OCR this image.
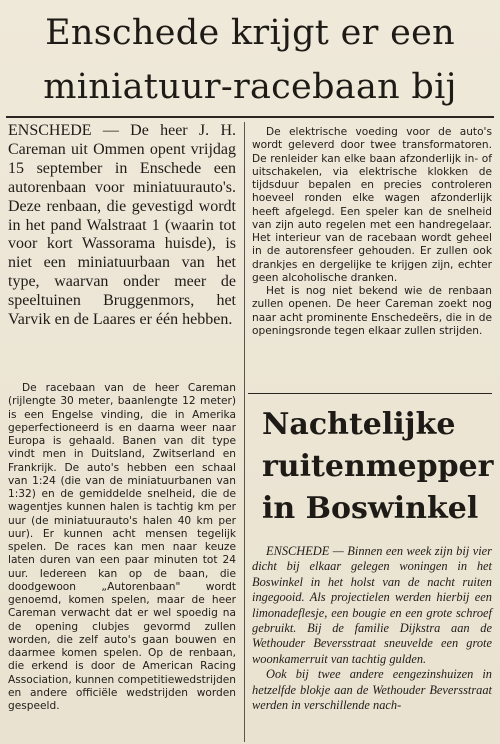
Enschede krijgt er een
miniatuur-racebaan bij

ENSCHEDE — De heer J. H. Careman uit Ommen opent vrijdag 15 september in Enschede een autorenbaan voor miniatuurauto's. Deze renbaan, die gevestigd wordt in het pand Walstraat 1 (waarin tot voor kort Wassorama huisde), is niet een miniatuurbaan van het type, waarvan onder meer de speeltuinen Bruggenmors, het Varvik en de Laares er één hebben.

De racebaan van de heer Careman (rijlengte 30 meter, baanlengte 12 meter) is een Engelse vinding, die in Amerika geperfectioneerd is en daarna weer naar Europa is gehaald. Banen van dit type vindt men in Duitsland, Zwitserland en Frankrijk. De auto's hebben een schaal van 1:24 (die van de miniatuurbanen van 1:32) en de gemiddelde snelheid, die de wagentjes kunnen halen is tachtig km per uur (de miniatuurauto's halen 40 km per uur). Er kunnen acht mensen tegelijk spelen. De races kan men naar keuze laten duren van een paar minuten tot 24 uur. Iedereen kan op de baan, die doodgewoon „Autorenbaan" wordt genoemd, komen spelen, maar de heer Careman verwacht dat er wel spoedig na de opening clubjes gevormd zullen worden, die zelf auto's gaan bouwen en daarmee komen spelen. Op de renbaan, die erkend is door de American Racing Association, kunnen competitiewedstrijden en andere officiële wedstrijden worden gespeeld.

De elektrische voeding voor de auto's wordt geleverd door twee transformatoren. De renleider kan elke baan afzonderlijk in- of uitschakelen, via elektrische klokken de tijdsduur bepalen en precies controleren hoeveel ronden elke wagen afzonderlijk heeft afgelegd. Een speler kan de snelheid van zijn auto regelen met een handregelaar. Het interieur van de racebaan wordt geheel in de autorensfeer gehouden. Er zullen ook drankjes en dergelijke te krijgen zijn, echter geen alcoholische dranken.

Het is nog niet bekend wie de renbaan zullen openen. De heer Careman zoekt nog naar acht prominente Enschedeërs, die in de openingsronde tegen elkaar zullen strijden.

Nachtelijke
ruitenmepper
in Boswinkel

ENSCHEDE — Binnen een week zijn bij vier dicht bij elkaar gelegen woningen in het Boswinkel in het holst van de nacht ruiten ingegooid. Als projectielen werden hierbij een limonadeflesje, een bougie en een grote schroef gebruikt. Bij de familie Dijkstra aan de Wethouder Beversstraat sneuvelde een grote woonkamerruit van tachtig gulden.

Ook bij twee andere eengezinshuizen in hetzelfde blokje aan de Wethouder Beversstraat werden in verschillende nach-
